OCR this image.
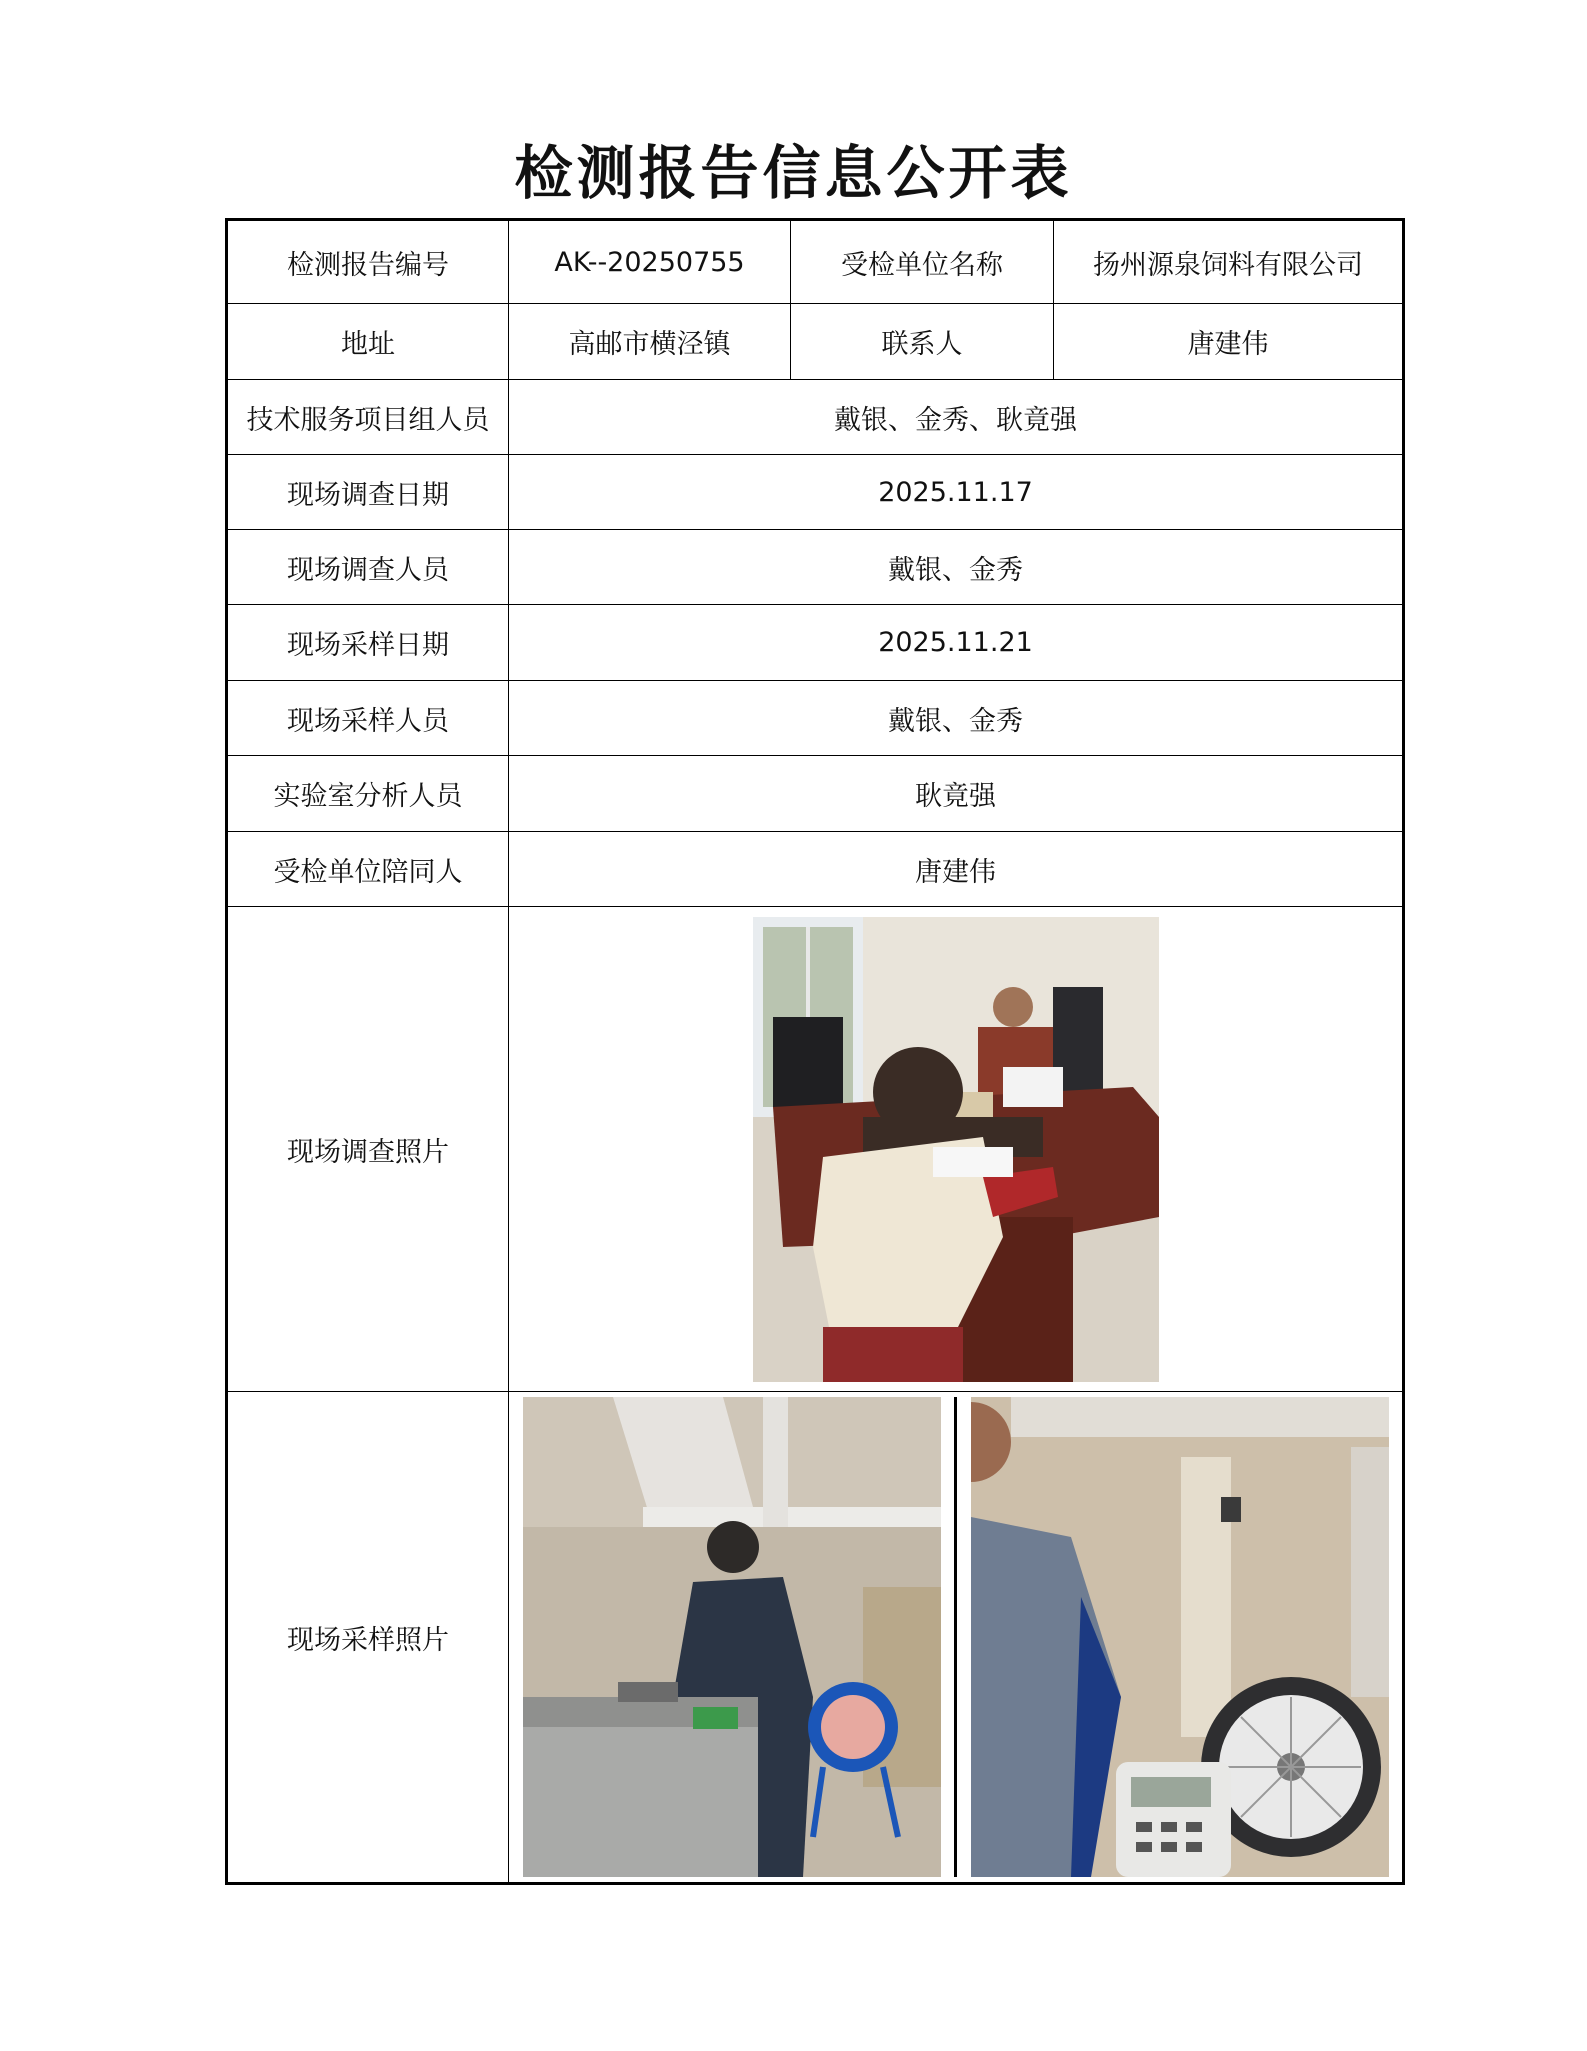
检测报告信息公开表
检测报告编号	AK--20250755	受检单位名称	扬州源泉饲料有限公司
地址	高邮市横泾镇	联系人	唐建伟
技术服务项目组人员	戴银、金秀、耿竟强		
现场调查日期	2025.11.17		
现场调查人员	戴银、金秀		
现场采样日期	2025.11.21		
现场采样人员	戴银、金秀		
实验室分析人员	耿竟强		
受检单位陪同人	唐建伟		
现场调查照片	

现场采样照片	
